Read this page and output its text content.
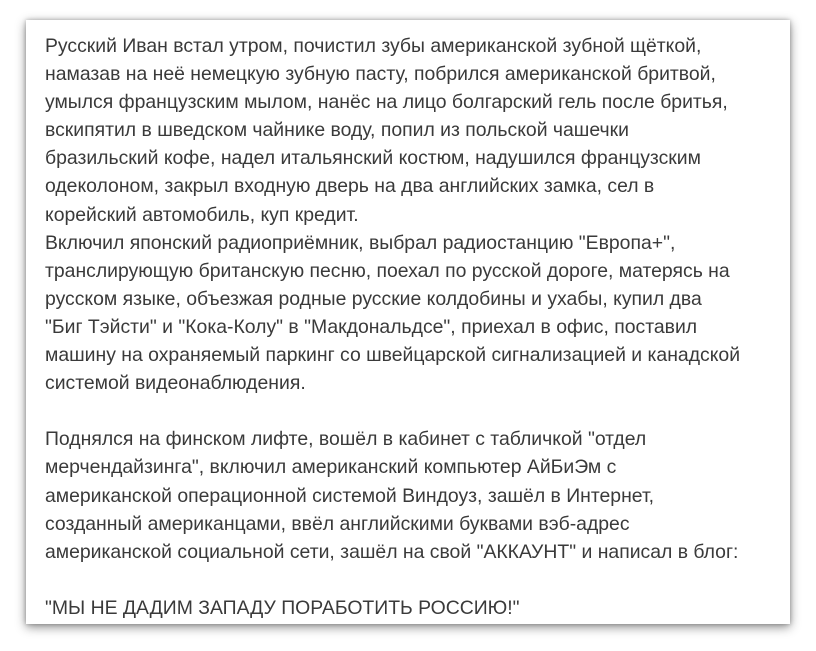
Русский Иван встал утром, почистил зубы американской зубной щёткой,
намазав на неё немецкую зубную пасту, побрился американской бритвой,
умылся французским мылом, нанёс на лицо болгарский гель после бритья,
вскипятил в шведском чайнике воду, попил из польской чашечки
бразильский кофе, надел итальянский костюм, надушился французским
одеколоном, закрыл входную дверь на два английских замка, сел в
корейский автомобиль, куп кредит.
Включил японский радиоприёмник, выбрал радиостанцию "Европа+",
транслирующую британскую песню, поехал по русской дороге, матерясь на
русском языке, объезжая родные русские колдобины и ухабы, купил два
"Биг Тэйсти" и "Кока-Колу" в "Макдональдсе", приехал в офис, поставил
машину на охраняемый паркинг со швейцарской сигнализацией и канадской
системой видеонаблюдения.
Поднялся на финском лифте, вошёл в кабинет с табличкой "отдел
мерчендайзинга", включил американский компьютер АйБиЭм с
американской операционной системой Виндоуз, зашёл в Интернет,
созданный американцами, ввёл английскими буквами вэб-адрес
американской социальной сети, зашёл на свой "АККАУНТ" и написал в блог:
"МЫ НЕ ДАДИМ ЗАПАДУ ПОРАБОТИТЬ РОССИЮ!"
